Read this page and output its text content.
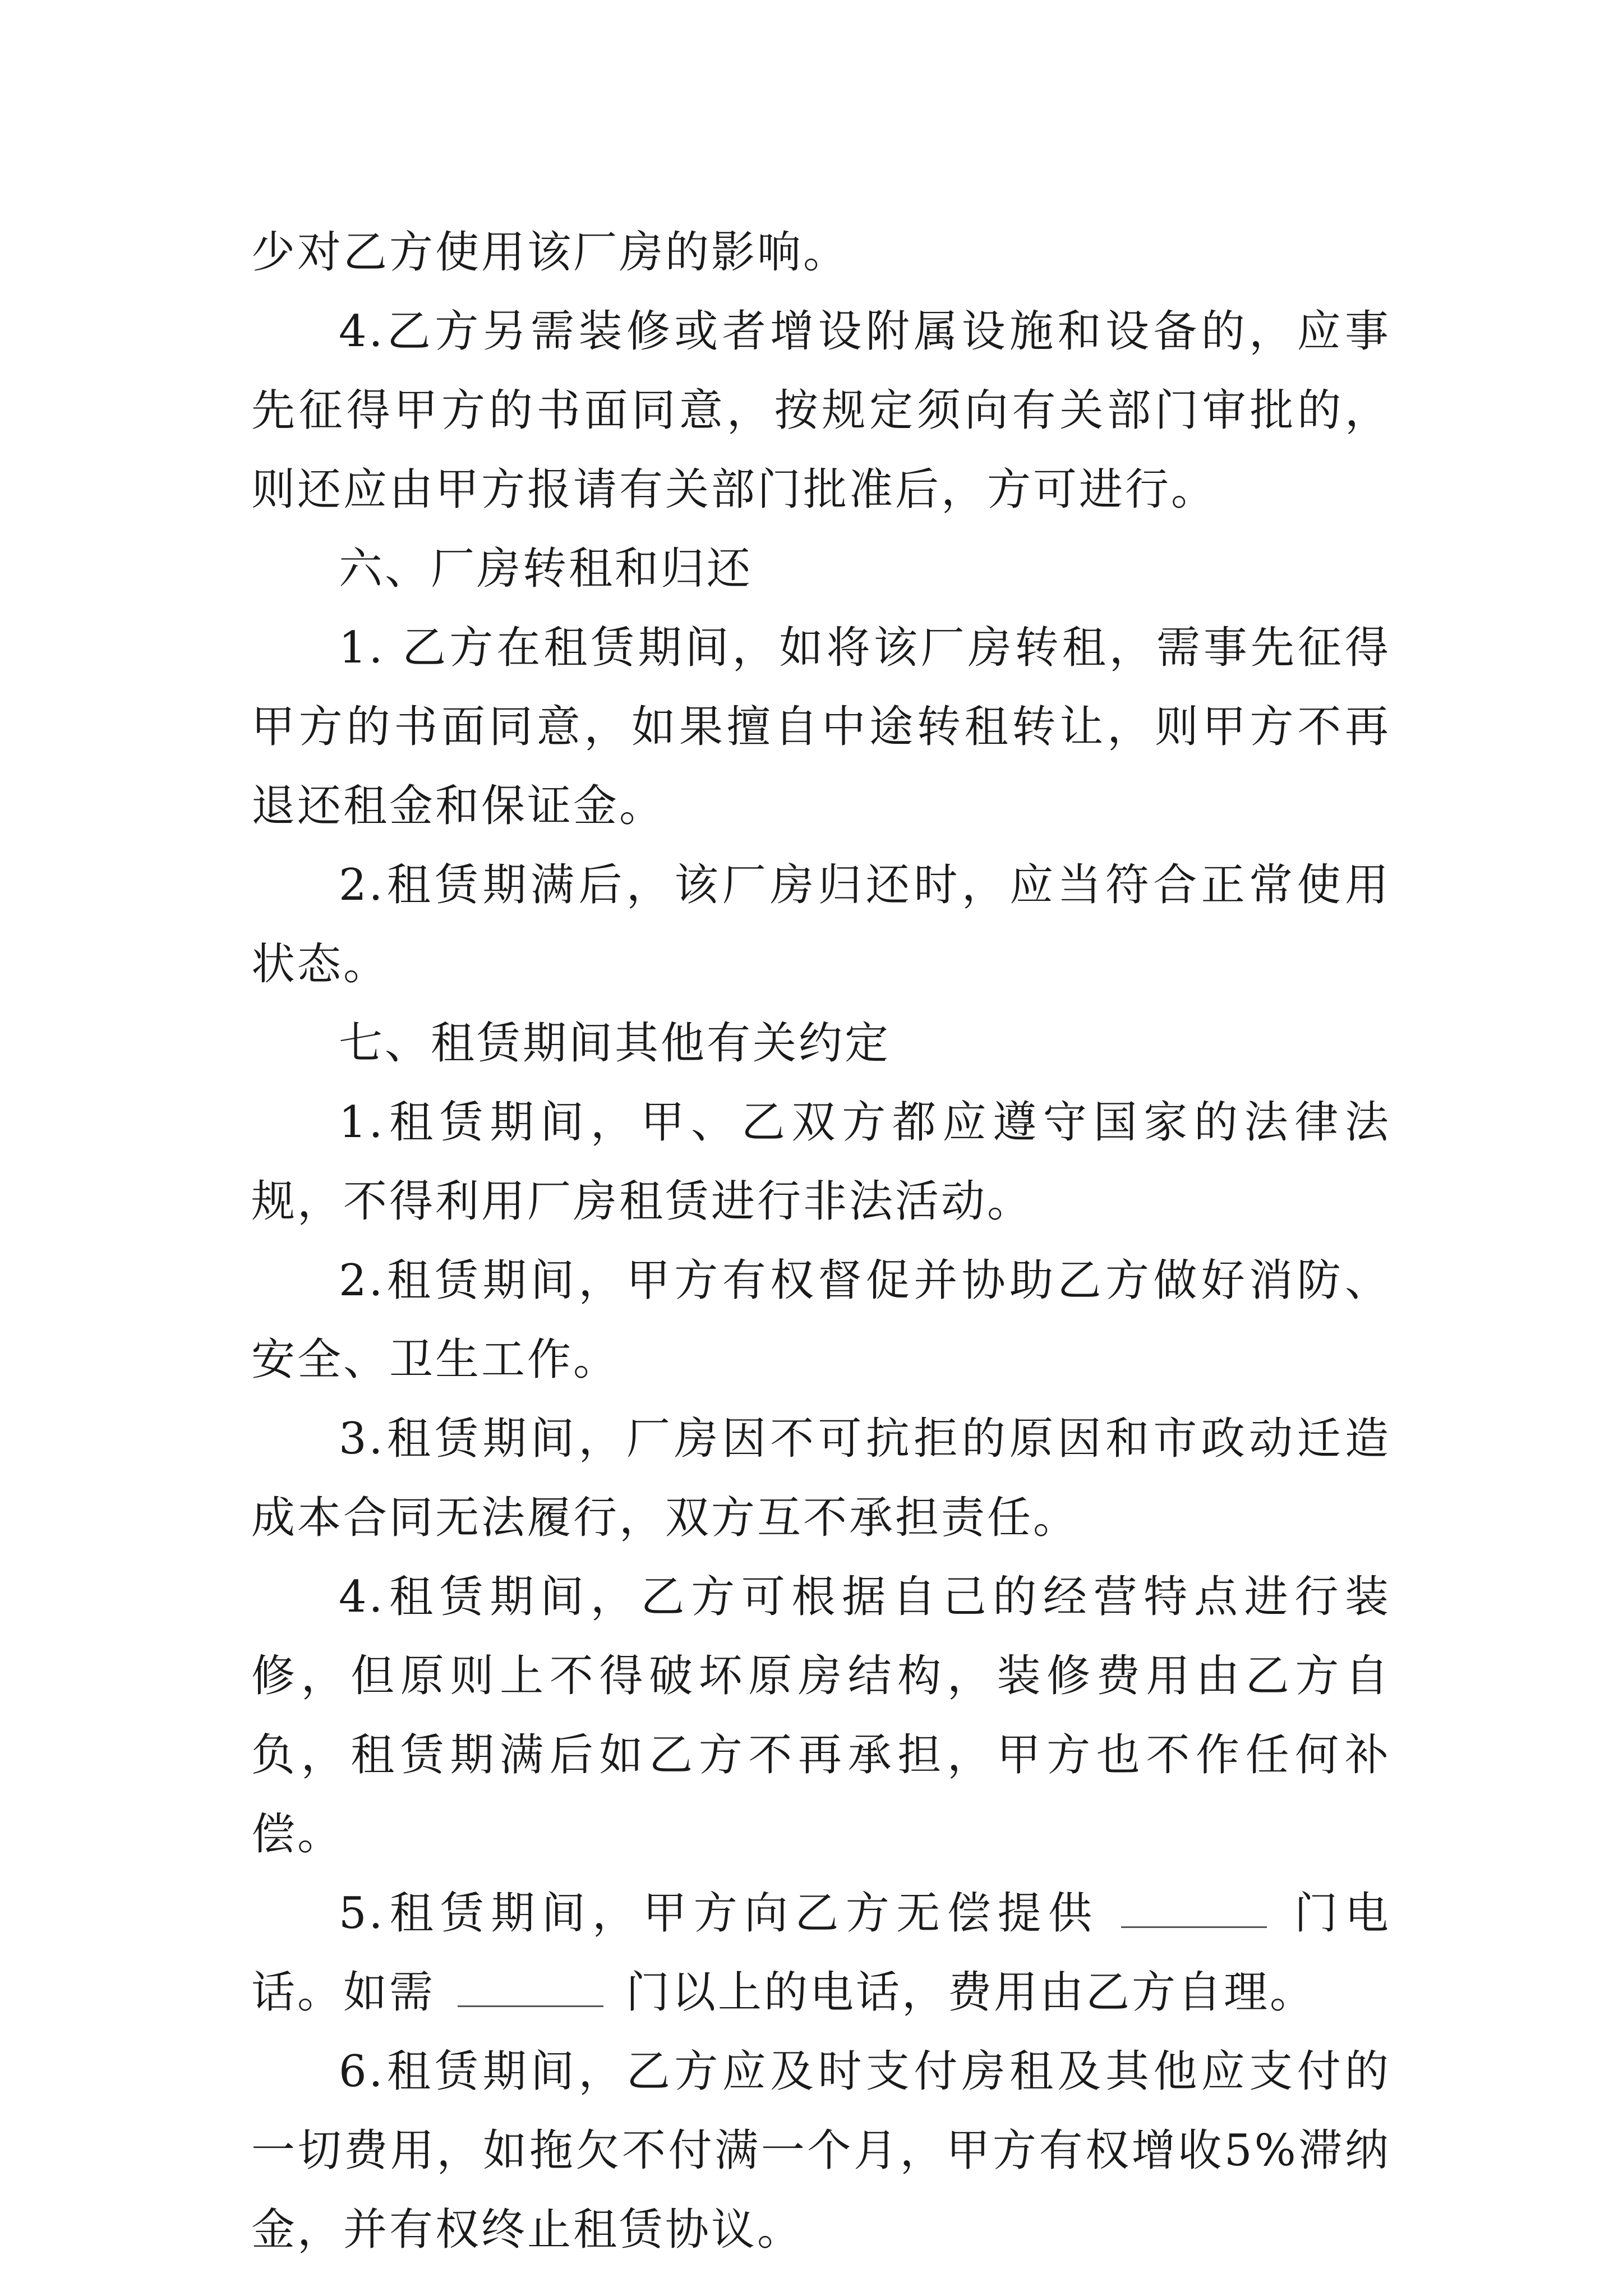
少对乙方使用该厂房的影响。

4.乙方另需装修或者增设附属设施和设备的，应事先征得甲方的书面同意，按规定须向有关部门审批的，则还应由甲方报请有关部门批准后，方可进行。

六、厂房转租和归还

1. 乙方在租赁期间，如将该厂房转租，需事先征得甲方的书面同意，如果擅自中途转租转让，则甲方不再退还租金和保证金。

2.租赁期满后，该厂房归还时，应当符合正常使用状态。

七、租赁期间其他有关约定

1.租赁期间，甲、乙双方都应遵守国家的法律法规，不得利用厂房租赁进行非法活动。

2.租赁期间，甲方有权督促并协助乙方做好消防、安全、卫生工作。

3.租赁期间，厂房因不可抗拒的原因和市政动迁造成本合同无法履行，双方互不承担责任。

4.租赁期间，乙方可根据自己的经营特点进行装修，但原则上不得破坏原房结构，装修费用由乙方自负，租赁期满后如乙方不再承担，甲方也不作任何补偿。

5.租赁期间，甲方向乙方无偿提供	门电话。如需	门以上的电话，费用由乙方自理。

6.租赁期间，乙方应及时支付房租及其他应支付的一切费用，如拖欠不付满一个月，甲方有权增收5%滞纳金，并有权终止租赁协议。
